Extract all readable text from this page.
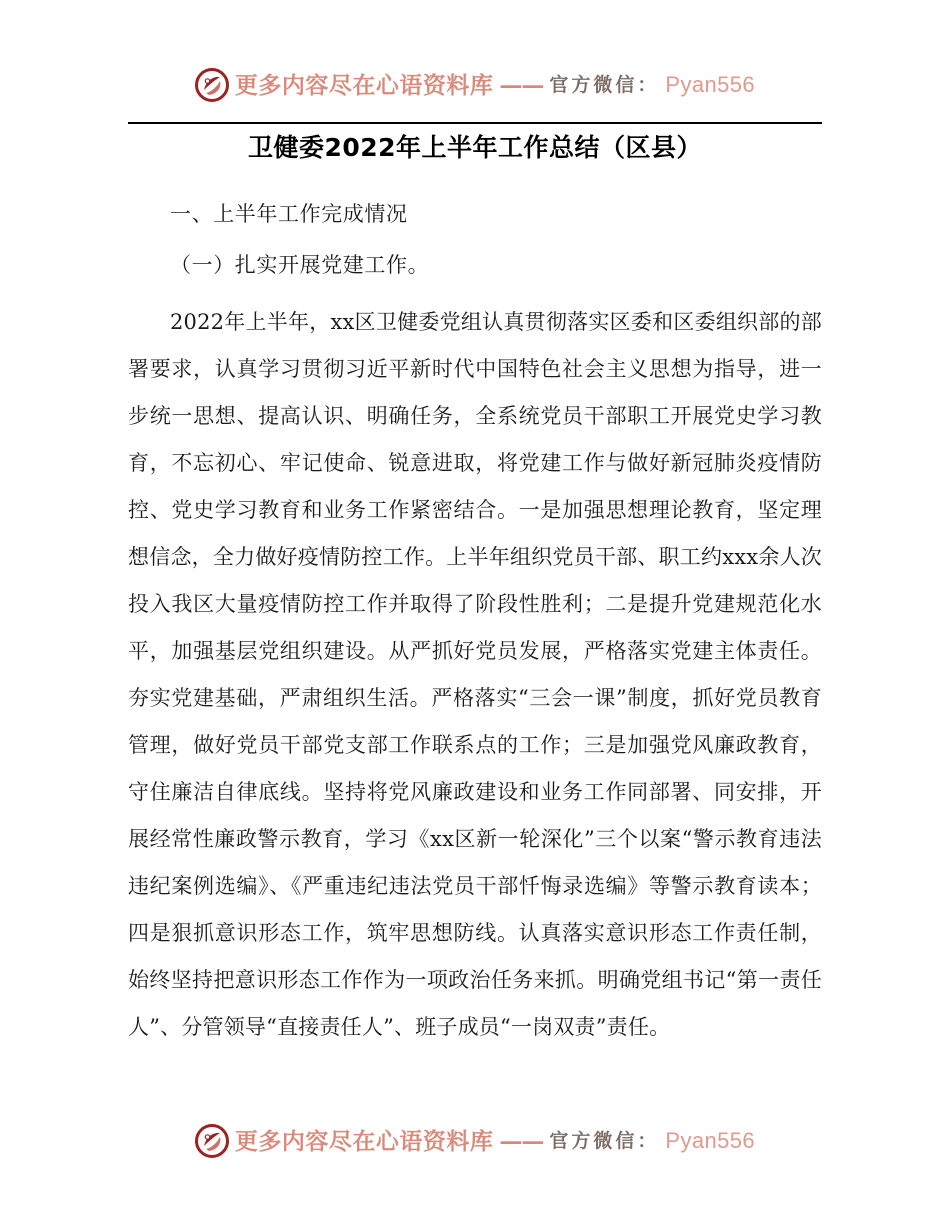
更多内容尽在心语资料库 —— 官方微信： Pyan556
卫健委2022年上半年工作总结（区县）

一、上半年工作完成情况

（一）扎实开展党建工作。

2022年上半年，xx区卫健委党组认真贯彻落实区委和区委组织部的部署要求，认真学习贯彻习近平新时代中国特色社会主义思想为指导，进一步统一思想、提高认识、明确任务，全系统党员干部职工开展党史学习教育，不忘初心、牢记使命、锐意进取，将党建工作与做好新冠肺炎疫情防控、党史学习教育和业务工作紧密结合。一是加强思想理论教育，坚定理想信念，全力做好疫情防控工作。上半年组织党员干部、职工约xxx余人次投入我区大量疫情防控工作并取得了阶段性胜利；二是提升党建规范化水平，加强基层党组织建设。从严抓好党员发展，严格落实党建主体责任。夯实党建基础，严肃组织生活。严格落实“三会一课”制度，抓好党员教育管理，做好党员干部党支部工作联系点的工作；三是加强党风廉政教育，守住廉洁自律底线。坚持将党风廉政建设和业务工作同部署、同安排，开展经常性廉政警示教育，学习《xx区新一轮深化”三个以案“警示教育违法违纪案例选编》、《严重违纪违法党员干部忏悔录选编》等警示教育读本；四是狠抓意识形态工作，筑牢思想防线。认真落实意识形态工作责任制，始终坚持把意识形态工作作为一项政治任务来抓。明确党组书记“第一责任人”、分管领导“直接责任人”、班子成员“一岗双责”责任。

更多内容尽在心语资料库 —— 官方微信： Pyan556
